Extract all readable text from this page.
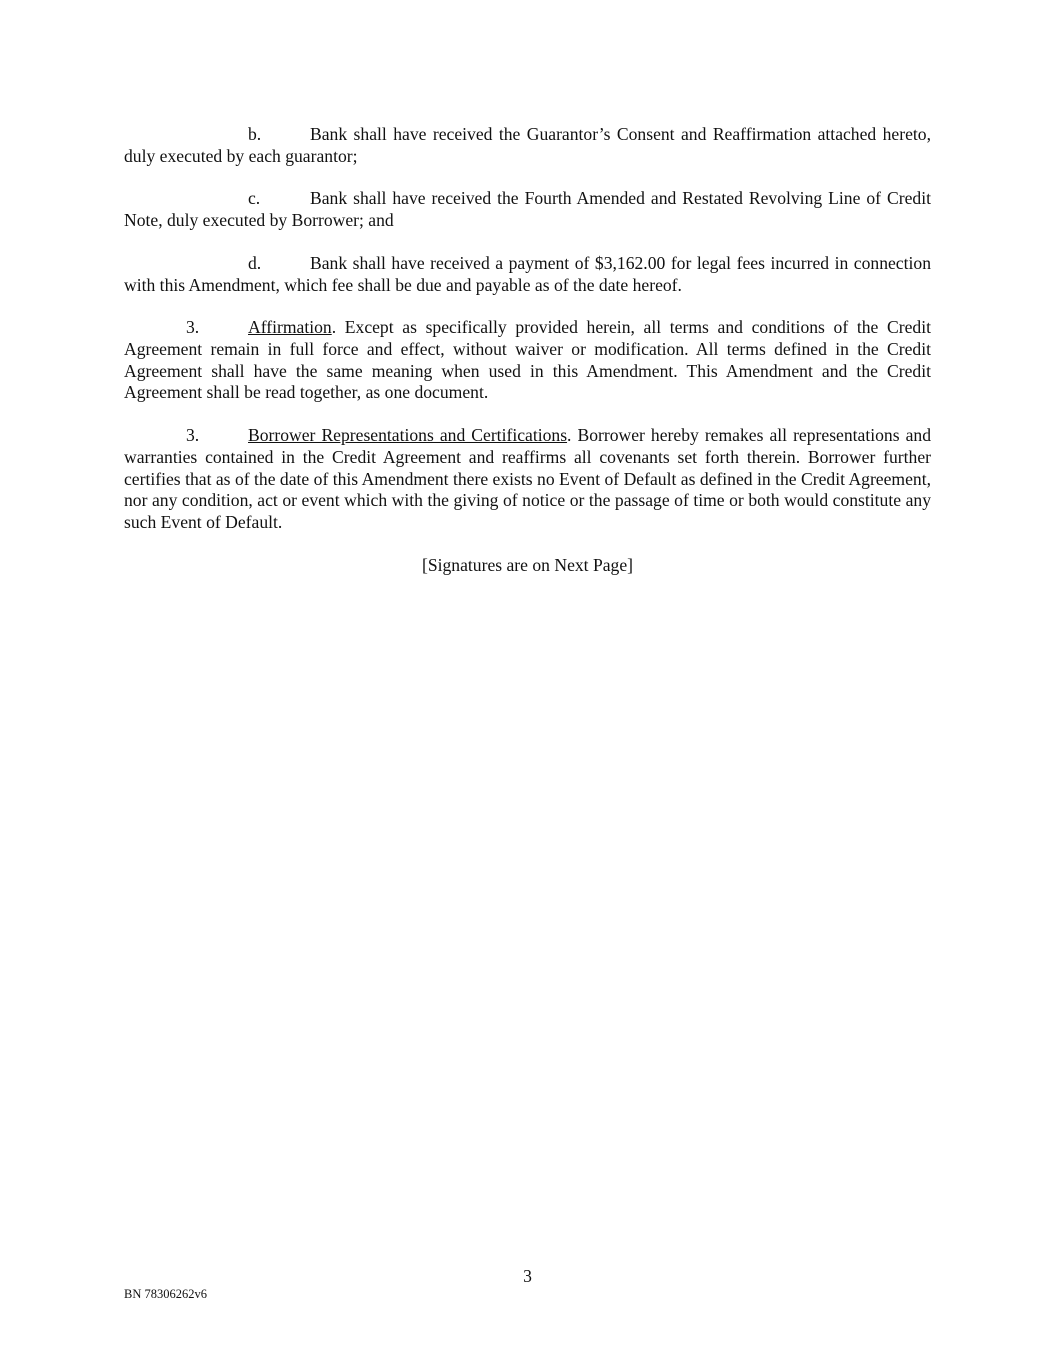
b.	Bank shall have received the Guarantor’s Consent and Reaffirmation attached hereto, duly executed by each guarantor;

c.	Bank shall have received the Fourth Amended and Restated Revolving Line of Credit Note, duly executed by Borrower; and

d.	Bank shall have received a payment of $3,162.00 for legal fees incurred in connection with this Amendment, which fee shall be due and payable as of the date hereof.

3.	Affirmation. Except as specifically provided herein, all terms and conditions of the Credit Agreement remain in full force and effect, without waiver or modification. All terms defined in the Credit Agreement shall have the same meaning when used in this Amendment. This Amendment and the Credit Agreement shall be read together, as one document.

3.	Borrower Representations and Certifications. Borrower hereby remakes all representations and warranties contained in the Credit Agreement and reaffirms all covenants set forth therein. Borrower further certifies that as of the date of this Amendment there exists no Event of Default as defined in the Credit Agreement, nor any condition, act or event which with the giving of notice or the passage of time or both would constitute any such Event of Default.

[Signatures are on Next Page]
3
BN 78306262v6
